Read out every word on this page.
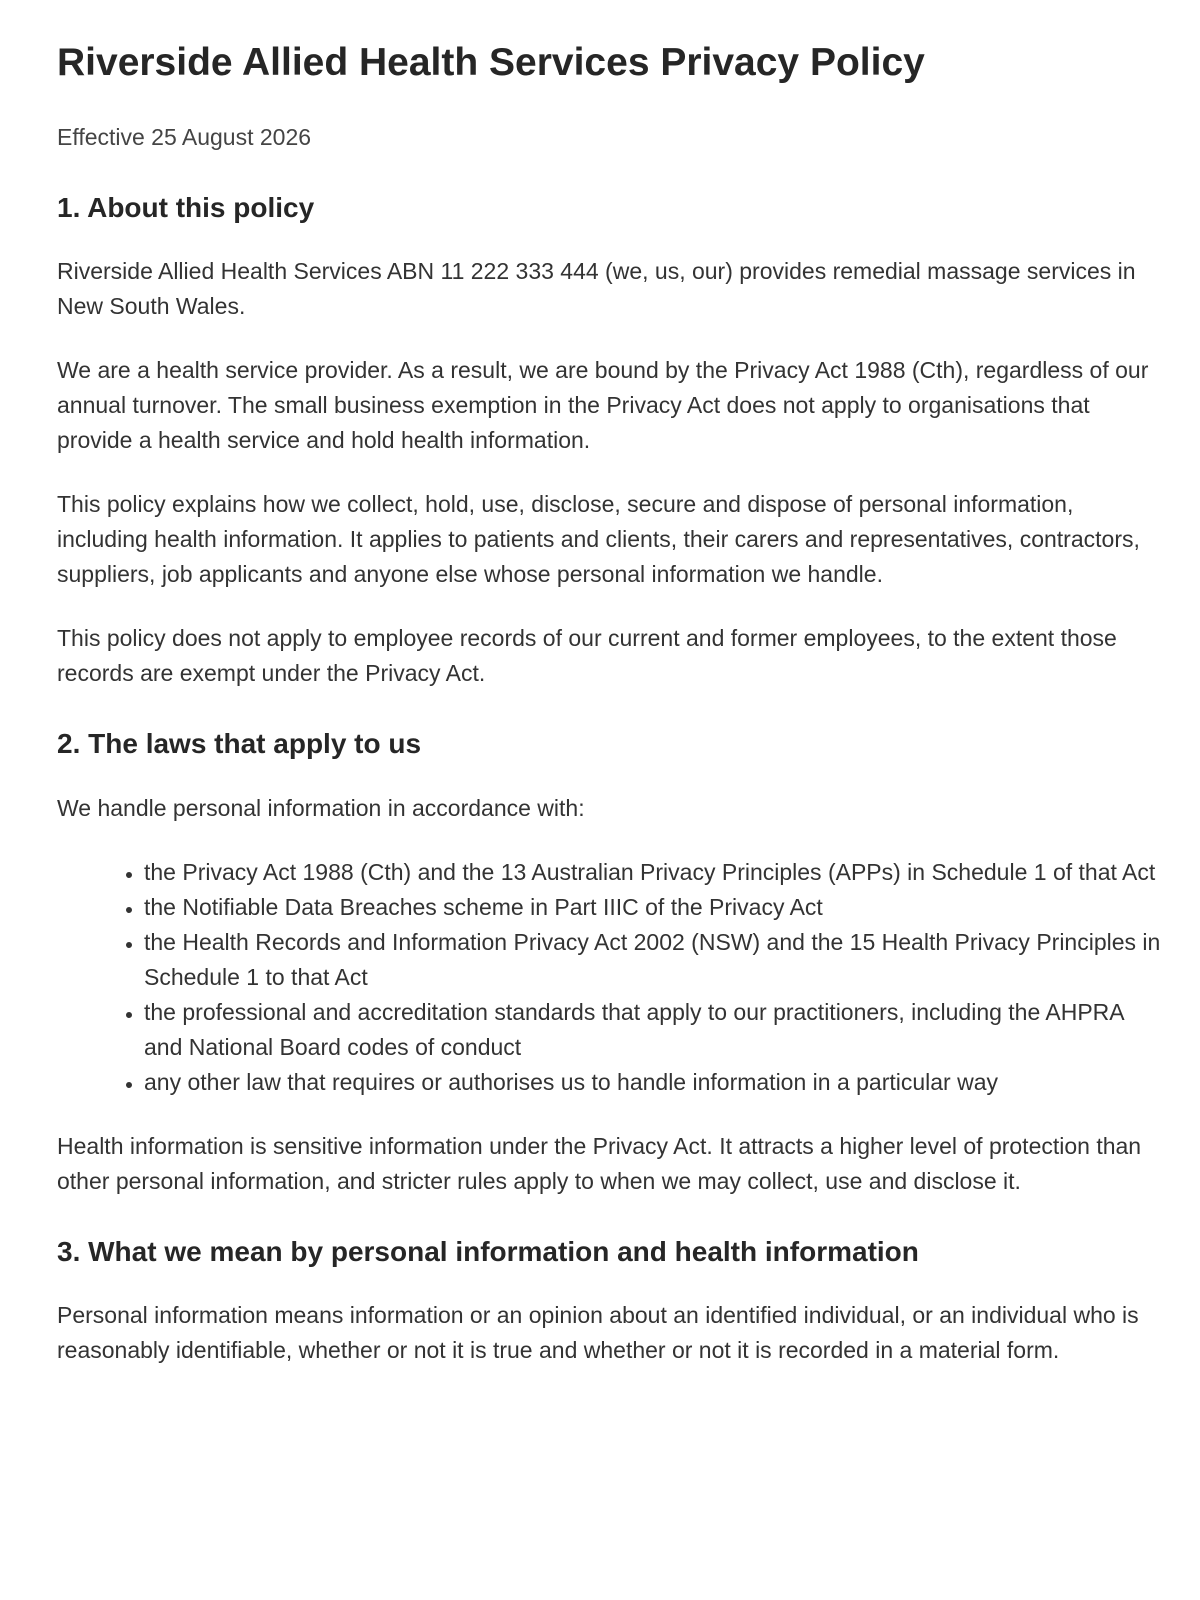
Riverside Allied Health Services Privacy Policy
Effective 25 August 2026
1. About this policy

Riverside Allied Health Services ABN 11 222 333 444 (we, us, our) provides remedial massage services in New South Wales.

We are a health service provider. As a result, we are bound by the Privacy Act 1988 (Cth), regardless of our annual turnover. The small business exemption in the Privacy Act does not apply to organisations that provide a health service and hold health information.

This policy explains how we collect, hold, use, disclose, secure and dispose of personal information, including health information. It applies to patients and clients, their carers and representatives, contractors, suppliers, job applicants and anyone else whose personal information we handle.

This policy does not apply to employee records of our current and former employees, to the extent those records are exempt under the Privacy Act.

2. The laws that apply to us

We handle personal information in accordance with:

• the Privacy Act 1988 (Cth) and the 13 Australian Privacy Principles (APPs) in Schedule 1 of that Act
• the Notifiable Data Breaches scheme in Part IIIC of the Privacy Act
• the Health Records and Information Privacy Act 2002 (NSW) and the 15 Health Privacy Principles in Schedule 1 to that Act
• the professional and accreditation standards that apply to our practitioners, including the AHPRA and National Board codes of conduct
• any other law that requires or authorises us to handle information in a particular way

Health information is sensitive information under the Privacy Act. It attracts a higher level of protection than other personal information, and stricter rules apply to when we may collect, use and disclose it.

3. What we mean by personal information and health information

Personal information means information or an opinion about an identified individual, or an individual who is reasonably identifiable, whether or not it is true and whether or not it is recorded in a material form.
